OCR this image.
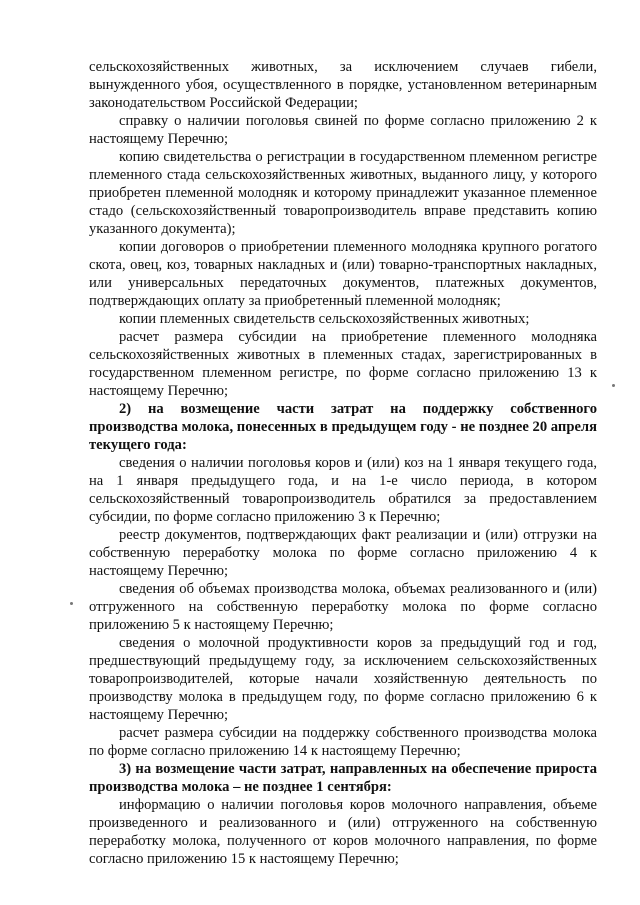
сельскохозяйственных животных, за исключением случаев гибели, вынужденного убоя, осуществленного в порядке, установленном ветеринарным законодательством Российской Федерации;

справку о наличии поголовья свиней по форме согласно приложению 2 к настоящему Перечню;

копию свидетельства о регистрации в государственном племенном регистре племенного стада сельскохозяйственных животных, выданного лицу, у которого приобретен племенной молодняк и которому принадлежит указанное племенное стадо (сельскохозяйственный товаропроизводитель вправе представить копию указанного документа);

копии договоров о приобретении племенного молодняка крупного рогатого скота, овец, коз, товарных накладных и (или) товарно-транспортных накладных, или универсальных передаточных документов, платежных документов, подтверждающих оплату за приобретенный племенной молодняк;

копии племенных свидетельств сельскохозяйственных животных;

расчет размера субсидии на приобретение племенного молодняка сельскохозяйственных животных в племенных стадах, зарегистрированных в государственном племенном регистре, по форме согласно приложению 13 к настоящему Перечню;

2) на возмещение части затрат на поддержку собственного производства молока, понесенных в предыдущем году - не позднее 20 апреля текущего года:

сведения о наличии поголовья коров и (или) коз на 1 января текущего года, на 1 января предыдущего года, и на 1-е число периода, в котором сельскохозяйственный товаропроизводитель обратился за предоставлением субсидии, по форме согласно приложению 3 к Перечню;

реестр документов, подтверждающих факт реализации и (или) отгрузки на собственную переработку молока по форме согласно приложению 4 к настоящему Перечню;

сведения об объемах производства молока, объемах реализованного и (или) отгруженного на собственную переработку молока по форме согласно приложению 5 к настоящему Перечню;

сведения о молочной продуктивности коров за предыдущий год и год, предшествующий предыдущему году, за исключением сельскохозяйственных товаропроизводителей, которые начали хозяйственную деятельность по производству молока в предыдущем году, по форме согласно приложению 6 к настоящему Перечню;

расчет размера субсидии на поддержку собственного производства молока по форме согласно приложению 14 к настоящему Перечню;

3) на возмещение части затрат, направленных на обеспечение прироста производства молока – не позднее 1 сентября:

информацию о наличии поголовья коров молочного направления, объеме произведенного и реализованного и (или) отгруженного на собственную переработку молока, полученного от коров молочного направления, по форме согласно приложению 15 к настоящему Перечню;
